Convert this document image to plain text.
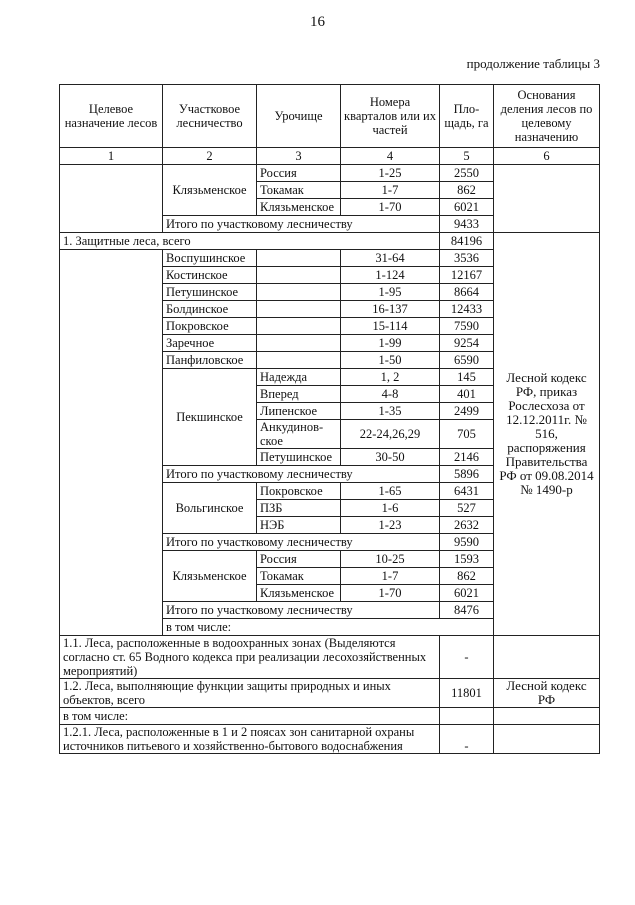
16
продолжение таблицы 3
Целевое назначение лесов	Участковое лесничество	Урочище	Номера кварталов или их частей	Пло-щадь, га	Основания деления лесов по целевому назначению	
1	2	3	4	5	6	
	Клязьменское	Россия	1-25	2550		
		Токамак	1-7	862		
		Клязьменское	1-70	6021		
	Итого по участковому лесничеству			9433		
1. Защитные леса, всего				84196	Лесной кодекс РФ, приказ Рослесхоза от 12.12.2011г. № 516, распоряжения Правительства РФ от 09.08.2014 № 1490-р	
	Воспушинское		31-64	3536		
	Костинское		1-124	12167		
	Петушинское		1-95	8664		
	Болдинское		16-137	12433		
	Покровское		15-114	7590		
	Заречное		1-99	9254		
	Панфиловское		1-50	6590		
	Пекшинское	Надежда	1, 2	145		
		Вперед	4-8	401		
		Липенское	1-35	2499		
		Анкудинов-ское	22-24,26,29	705		
		Петушинское	30-50	2146		
	Итого по участковому лесничеству			5896		
	Вольгинское	Покровское	1-65	6431		
		ПЗБ	1-6	527		
		НЭБ	1-23	2632		
	Итого по участковому лесничеству			9590		
	Клязьменское	Россия	10-25	1593		
		Токамак	1-7	862		
		Клязьменское	1-70	6021		
	Итого по участковому лесничеству			8476		
	в том числе:					
1.1. Леса, расположенные в водоохранных зонах (Выделяются согласно ст. 65 Водного кодекса при реализации лесохозяйственных мероприятий)				-		
1.2. Леса, выполняющие функции защиты природных и иных объектов, всего				11801	Лесной кодекс РФ	
в том числе:						
1.2.1. Леса, расположенные в 1 и 2 поясах зон санитарной охраны источников питьевого и хозяйственно-бытового водоснабжения				-		
